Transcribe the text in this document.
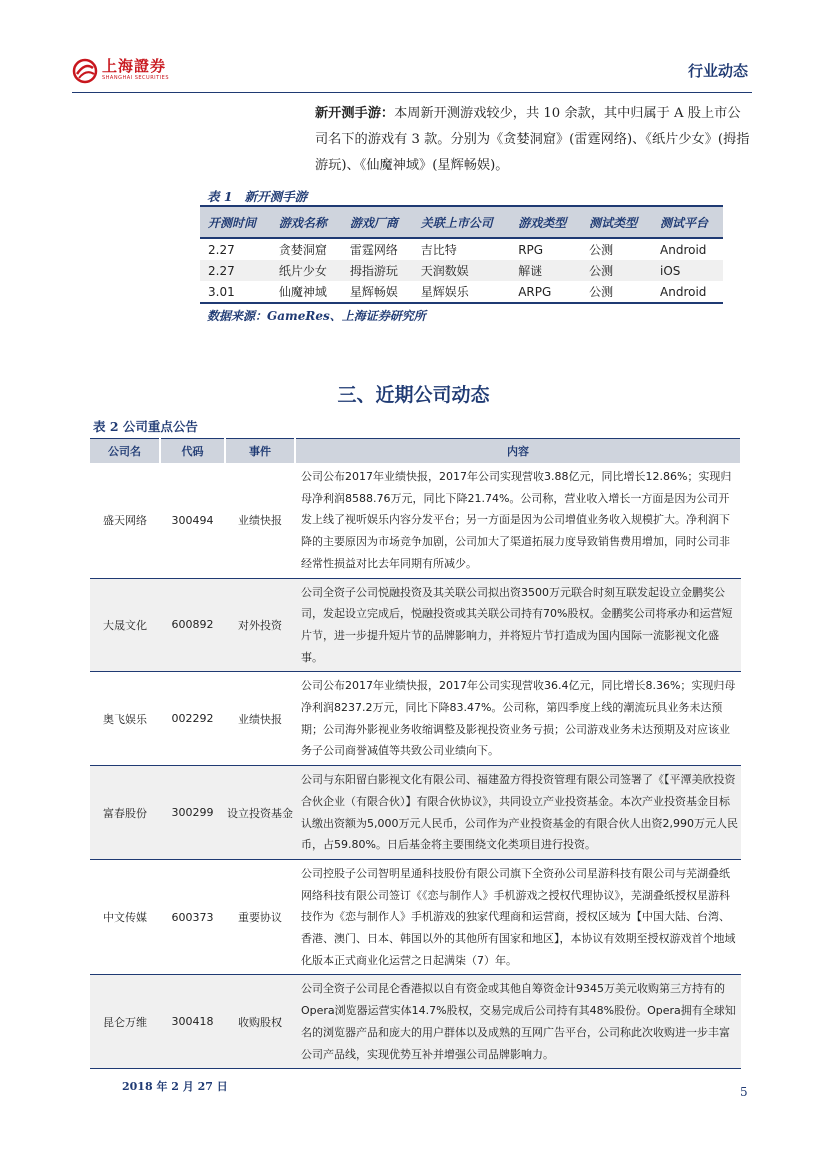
上海證券
SHANGHAI SECURITIES	行业动态
新开测手游：本周新开测游戏较少，共 10 余款，其中归属于 A 股上市公司名下的游戏有 3 款。分别为《贪婪洞窟》(雷霆网络)、《纸片少女》(拇指游玩)、《仙魔神域》(星辉畅娱)。
表 1 新开测手游
开测时间	游戏名称	游戏厂商	关联上市公司	游戏类型	测试类型	测试平台
2.27	贪婪洞窟	雷霆网络	吉比特	RPG	公测	Android
2.27	纸片少女	拇指游玩	天润数娱	解谜	公测	iOS
3.01	仙魔神域	星辉畅娱	星辉娱乐	ARPG	公测	Android
数据来源：GameRes、上海证券研究所
三、近期公司动态
表 2 公司重点公告
公司名	代码	事件	内容
盛天网络	300494	业绩快报	公司公布2017年业绩快报，2017年公司实现营收3.88亿元，同比增长12.86%；实现归母净利润8588.76万元，同比下降21.74%。公司称，营业收入增长一方面是因为公司开发上线了视听娱乐内容分发平台；另一方面是因为公司增值业务收入规模扩大。净利润下降的主要原因为市场竞争加剧，公司加大了渠道拓展力度导致销售费用增加，同时公司非经常性损益对比去年同期有所减少。
大晟文化	600892	对外投资	公司全资子公司悦融投资及其关联公司拟出资3500万元联合时刻互联发起设立金鹏奖公司，发起设立完成后，悦融投资或其关联公司持有70%股权。金鹏奖公司将承办和运营短片节，进一步提升短片节的品牌影响力，并将短片节打造成为国内国际一流影视文化盛事。
奥飞娱乐	002292	业绩快报	公司公布2017年业绩快报，2017年公司实现营收36.4亿元，同比增长8.36%；实现归母净利润8237.2万元，同比下降83.47%。公司称，第四季度上线的潮流玩具业务未达预期；公司海外影视业务收缩调整及影视投资业务亏损；公司游戏业务未达预期及对应该业务子公司商誉减值等共致公司业绩向下。
富春股份	300299	设立投资基金	公司与东阳留白影视文化有限公司、福建盈方得投资管理有限公司签署了《【平潭美欣投资合伙企业（有限合伙）】有限合伙协议》，共同设立产业投资基金。本次产业投资基金目标认缴出资额为5,000万元人民币，公司作为产业投资基金的有限合伙人出资2,990万元人民币，占59.80%。日后基金将主要围绕文化类项目进行投资。
中文传媒	600373	重要协议	公司控股子公司智明星通科技股份有限公司旗下全资孙公司星游科技有限公司与芜湖叠纸网络科技有限公司签订《《恋与制作人》手机游戏之授权代理协议》，芜湖叠纸授权星游科技作为《恋与制作人》手机游戏的独家代理商和运营商，授权区域为【中国大陆、台湾、香港、澳门、日本、韩国以外的其他所有国家和地区】，本协议有效期至授权游戏首个地域化版本正式商业化运营之日起满柒（7）年。
昆仑万维	300418	收购股权	公司全资子公司昆仑香港拟以自有资金或其他自筹资金计9345万美元收购第三方持有的Opera浏览器运营实体14.7%股权，交易完成后公司持有其48%股份。Opera拥有全球知名的浏览器产品和庞大的用户群体以及成熟的互网广告平台，公司称此次收购进一步丰富公司产品线，实现优势互补并增强公司品牌影响力。
2018 年 2 月 27 日	5
